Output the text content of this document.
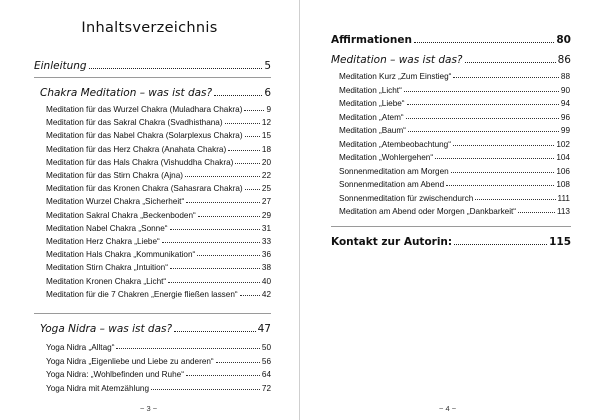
Inhaltsverzeichnis
Einleitung	5
Chakra Meditation – was ist das?	6
Meditation für das Wurzel Chakra (Muladhara Chakra)	9
Meditation für das Sakral Chakra (Svadhisthana)	12
Meditation für das Nabel Chakra (Solarplexus Chakra) 15
Meditation für das Herz Chakra (Anahata Chakra)	18
Meditation für das Hals Chakra (Vishuddha Chakra)	20
Meditation für das Stirn Chakra (Ajna)	22
Meditation für das Kronen Chakra (Sahasrara Chakra) 25
Meditation Wurzel Chakra „Sicherheit“	27
Meditation Sakral Chakra „Beckenboden“	29
Meditation Nabel Chakra „Sonne“	31
Meditation Herz Chakra „Liebe“	33
Meditation Hals Chakra „Kommunikation“	36
Meditation Stirn Chakra „Intuition“	38
Meditation Kronen Chakra „Licht“	40
Meditation für die 7 Chakren „Energie fließen lassen“	42
Yoga Nidra – was ist das?	47
Yoga Nidra „Alltag“	50
Yoga Nidra „Eigenliebe und Liebe zu anderen“	56
Yoga Nidra: „Wohlbefinden und Ruhe“	64
Yoga Nidra mit Atemzählung	72
~ 3 ~
Affirmationen	80
Meditation – was ist das?	86
Meditation Kurz „Zum Einstieg“	88
Meditation „Licht“	90
Meditation „Liebe“	94
Meditation „Atem“	96
Meditation „Baum“	99
Meditation „Atembeobachtung“	102
Meditation „Wohlergehen“	104
Sonnenmeditation am Morgen	106
Sonnenmeditation am Abend	108
Sonnenmeditation für zwischendurch	111
Meditation am Abend oder Morgen „Dankbarkeit“	113
Kontakt zur Autorin:	115
~ 4 ~
